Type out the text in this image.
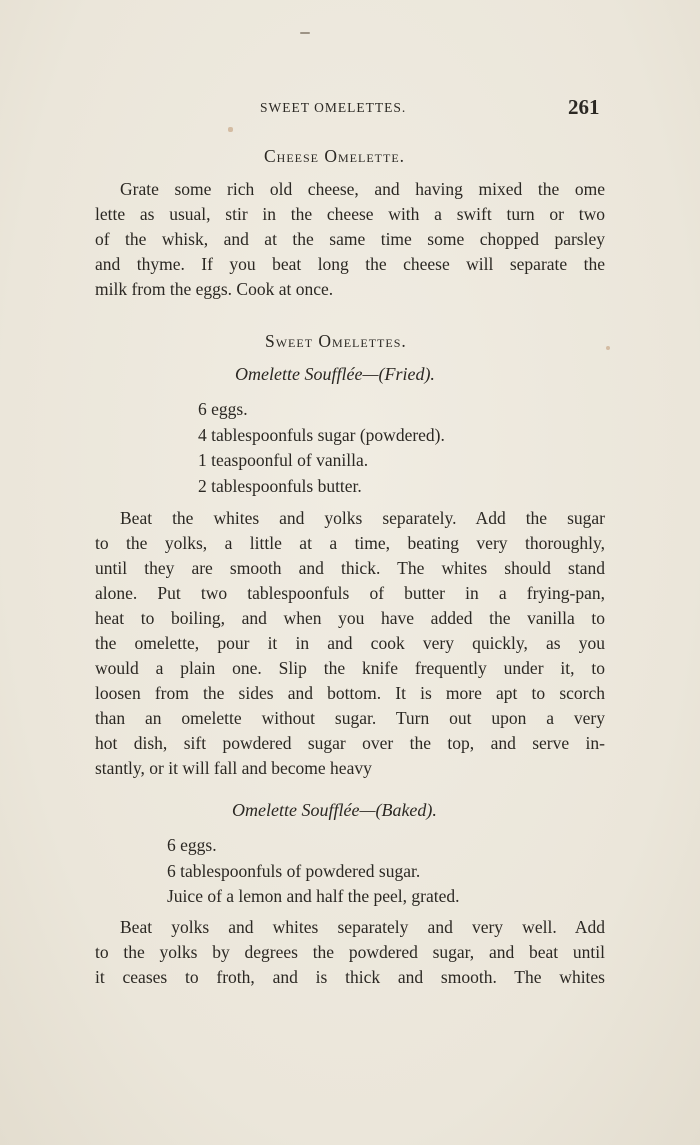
SWEET OMELETTES.	261
Cheese Omelette.
Grate some rich old cheese, and having mixed the ome
lette as usual, stir in the cheese with a swift turn or two
of the whisk, and at the same time some chopped parsley
and thyme. If you beat long the cheese will separate the
milk from the eggs. Cook at once.
Sweet Omelettes.
Omelette Soufflée—(Fried).
6 eggs.
4 tablespoonfuls sugar (powdered).
1 teaspoonful of vanilla.
2 tablespoonfuls butter.
Beat the whites and yolks separately. Add the sugar
to the yolks, a little at a time, beating very thoroughly,
until they are smooth and thick. The whites should stand
alone. Put two tablespoonfuls of butter in a frying-pan,
heat to boiling, and when you have added the vanilla to
the omelette, pour it in and cook very quickly, as you
would a plain one. Slip the knife frequently under it, to
loosen from the sides and bottom. It is more apt to scorch
than an omelette without sugar. Turn out upon a very
hot dish, sift powdered sugar over the top, and serve in-
stantly, or it will fall and become heavy
Omelette Soufflée—(Baked).
6 eggs.
6 tablespoonfuls of powdered sugar.
Juice of a lemon and half the peel, grated.
Beat yolks and whites separately and very well. Add
to the yolks by degrees the powdered sugar, and beat until
it ceases to froth, and is thick and smooth. The whites
